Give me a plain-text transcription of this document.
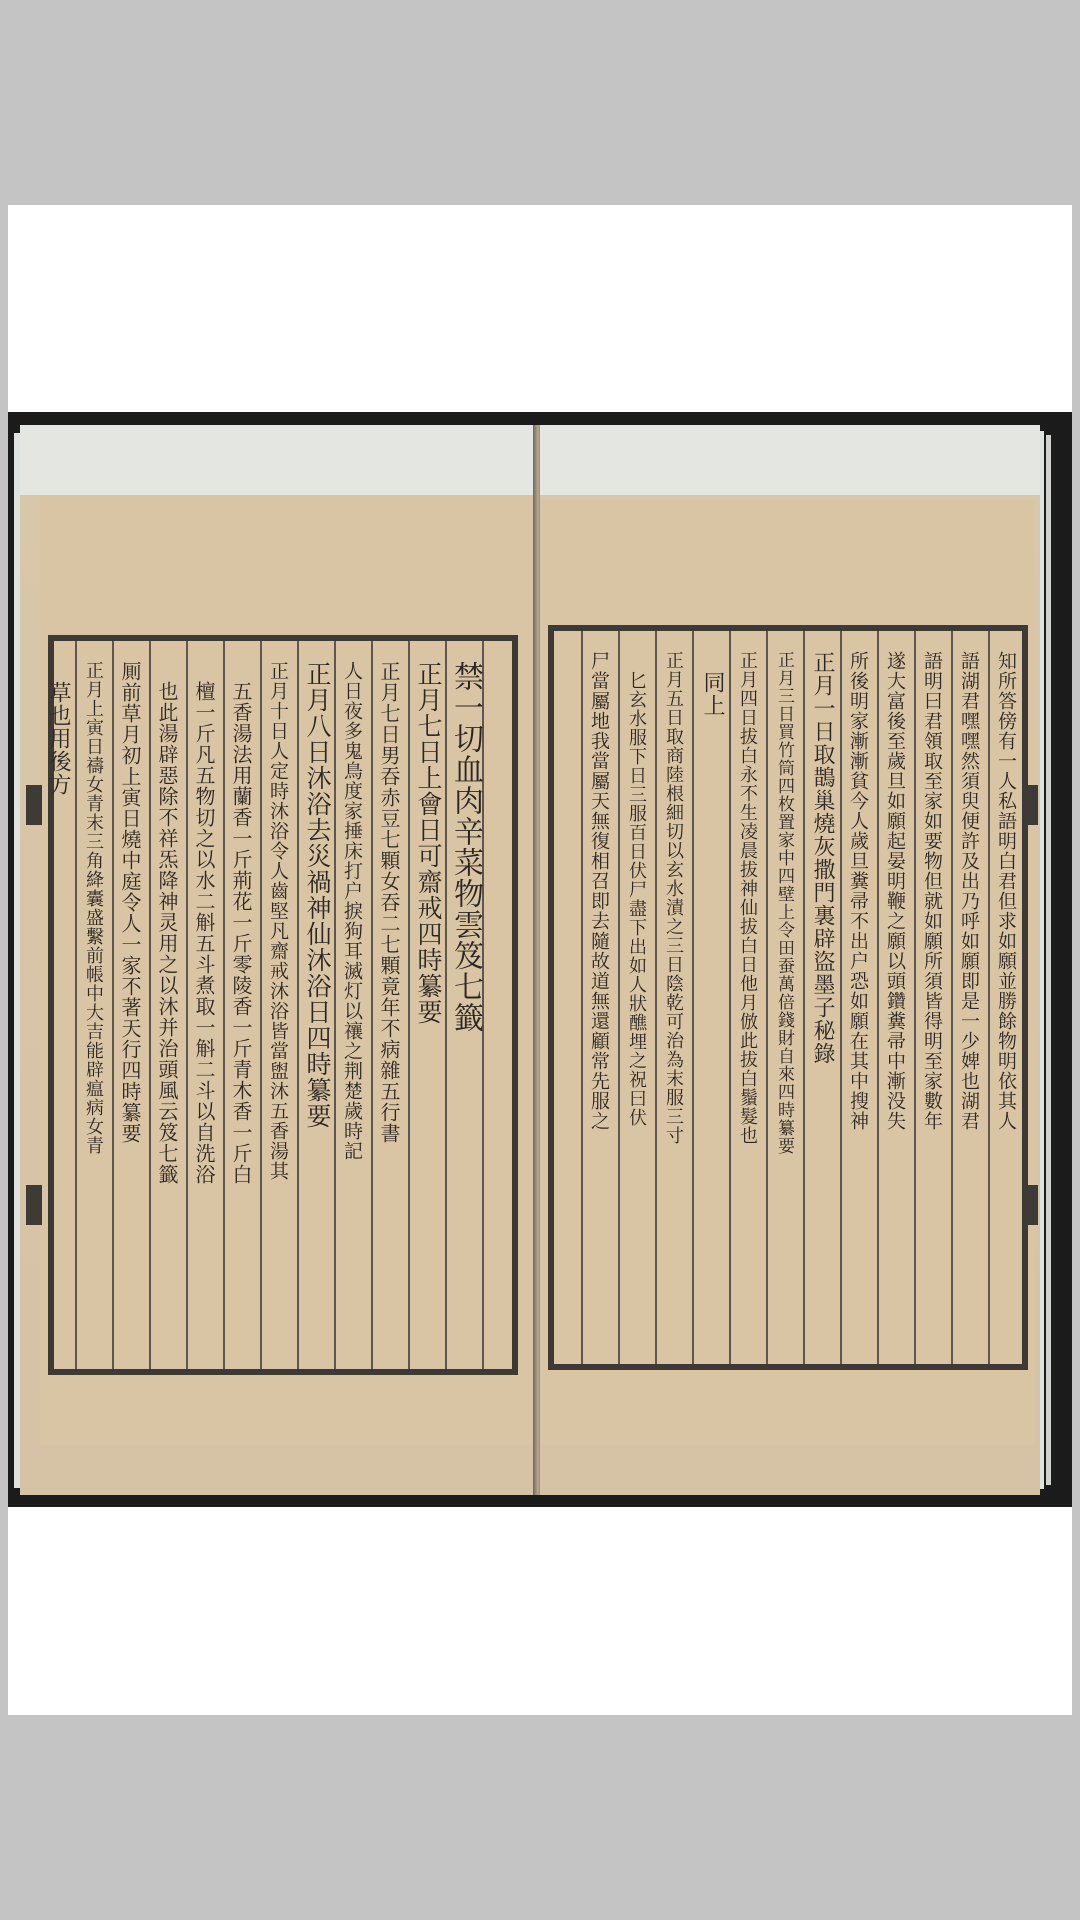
禁一切血肉辛菜物雲笈七籤
正月七日上會日可齋戒四時纂要
正月七日男吞赤豆七顆女吞二七顆竟年不病雜五行書
人日夜多鬼鳥度家捶床打户捩狗耳滅灯以禳之荆楚歲時記
正月八日沐浴去災禍神仙沐浴日四時纂要
正月十日人定時沐浴令人齒堅凡齋戒沐浴皆當盥沐五香湯其
五香湯法用蘭香一斤荊花一斤零陵香一斤青木香一斤白
檀一斤凡五物切之以水二斛五斗煮取一斛二斗以自洗浴
也此湯辟惡除不祥炁降神灵用之以沐并治頭風云笈七籤
厠前草月初上寅日燒中庭令人一家不著天行四時纂要
正月上寅日禱女青末三角絳囊盛繫前帳中大吉能辟瘟病女青
草也用後方	知所答傍有一人私語明白君但求如願並勝餘物明依其人
語湖君嘿嘿然須臾便許及出乃呼如願即是一少婢也湖君
語明曰君領取至家如要物但就如願所須皆得明至家數年
遂大富後至歲旦如願起晏明鞭之願以頭鑽糞帚中漸没失
所後明家漸漸貧今人歲旦糞帚不出户恐如願在其中搜神
正月一日取鵲巢燒灰撒門裏辟盜墨子秘錄
正月三日買竹筒四枚置家中四壁上令田蚕萬倍錢財自來四時纂要
正月四日拔白永不生凌晨拔神仙拔白日他月倣此拔白鬚髮也
同上
正月五日取商陸根細切以玄水漬之三日陰乾可治為末服三寸
匕玄水服下日三服百日伏尸盡下出如人狀醮埋之祝曰伏
尸當屬地我當屬天無復相召即去隨故道無還顧常先服之
